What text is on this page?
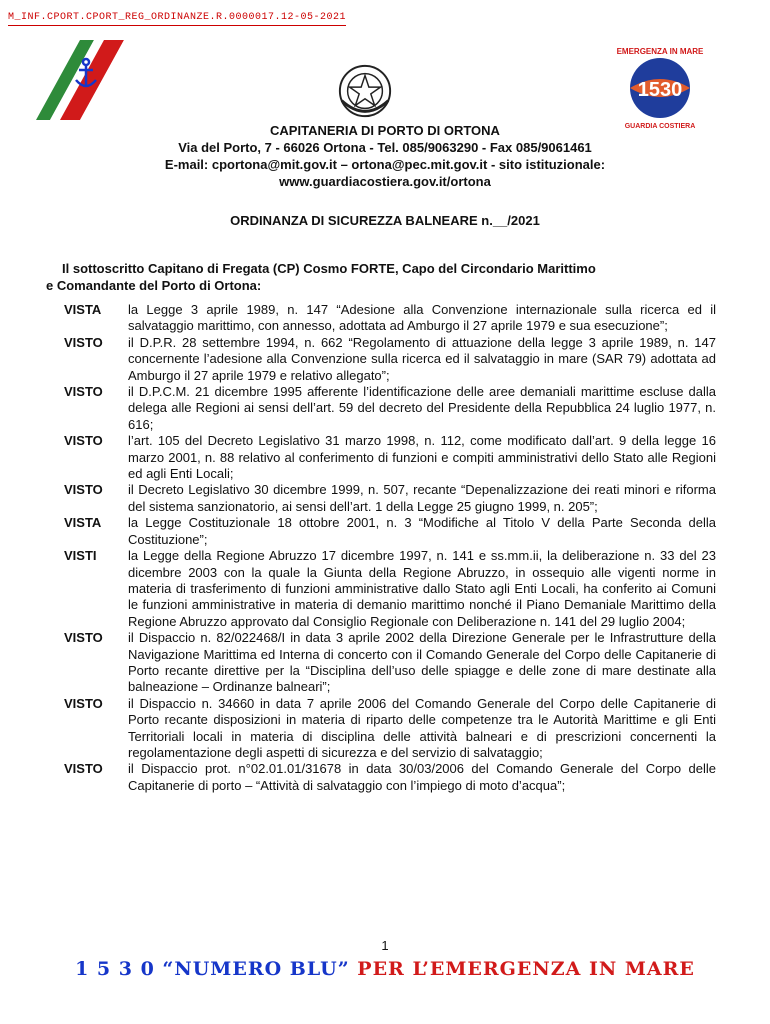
M_INF.CPORT.CPORT_REG_ORDINANZE.R.0000017.12-05-2021
EMERGENZA IN MARE
1530
GUARDIA COSTIERA
CAPITANERIA DI PORTO DI ORTONA
Via del Porto, 7 - 66026 Ortona - Tel. 085/9063290 - Fax 085/9061461
E-mail: cportona@mit.gov.it – ortona@pec.mit.gov.it - sito istituzionale:
www.guardiacostiera.gov.it/ortona
ORDINANZA DI SICUREZZA BALNEARE n.__/2021
Il sottoscritto Capitano di Fregata (CP) Cosmo FORTE, Capo del Circondario Marittimo
e Comandante del Porto di Ortona:
VISTA	la Legge 3 aprile 1989, n. 147 “Adesione alla Convenzione internazionale sulla ricerca ed il salvataggio marittimo, con annesso, adottata ad Amburgo il 27 aprile 1979 e sua esecuzione”;
VISTO	il D.P.R. 28 settembre 1994, n. 662 “Regolamento di attuazione della legge 3 aprile 1989, n. 147 concernente l’adesione alla Convenzione sulla ricerca ed il salvataggio in mare (SAR 79) adottata ad Amburgo il 27 aprile 1979 e relativo allegato”;
VISTO	il D.P.C.M. 21 dicembre 1995 afferente l’identificazione delle aree demaniali marittime escluse dalla delega alle Regioni ai sensi dell’art. 59 del decreto del Presidente della Repubblica 24 luglio 1977, n. 616;
VISTO	l’art. 105 del Decreto Legislativo 31 marzo 1998, n. 112, come modificato dall’art. 9 della legge 16 marzo 2001, n. 88 relativo al conferimento di funzioni e compiti amministrativi dello Stato alle Regioni ed agli Enti Locali;
VISTO	il Decreto Legislativo 30 dicembre 1999, n. 507, recante “Depenalizzazione dei reati minori e riforma del sistema sanzionatorio, ai sensi dell’art. 1 della Legge 25 giugno 1999, n. 205”;
VISTA	la Legge Costituzionale 18 ottobre 2001, n. 3 “Modifiche al Titolo V della Parte Seconda della Costituzione”;
VISTI	la Legge della Regione Abruzzo 17 dicembre 1997, n. 141 e ss.mm.ii, la deliberazione n. 33 del 23 dicembre 2003 con la quale la Giunta della Regione Abruzzo, in ossequio alle vigenti norme in materia di trasferimento di funzioni amministrative dallo Stato agli Enti Locali, ha conferito ai Comuni le funzioni amministrative in materia di demanio marittimo nonché il Piano Demaniale Marittimo della Regione Abruzzo approvato dal Consiglio Regionale con Deliberazione n. 141 del 29 luglio 2004;
VISTO	il Dispaccio n. 82/022468/I in data 3 aprile 2002 della Direzione Generale per le Infrastrutture della Navigazione Marittima ed Interna di concerto con il Comando Generale del Corpo delle Capitanerie di Porto recante direttive per la “Disciplina dell’uso delle spiagge e delle zone di mare destinate alla balneazione – Ordinanze balneari”;
VISTO	il Dispaccio n. 34660 in data 7 aprile 2006 del Comando Generale del Corpo delle Capitanerie di Porto recante disposizioni in materia di riparto delle competenze tra le Autorità Marittime e gli Enti Territoriali locali in materia di disciplina delle attività balneari e di prescrizioni concernenti la regolamentazione degli aspetti di sicurezza e del servizio di salvataggio;
VISTO	il Dispaccio prot. n°02.01.01/31678 in data 30/03/2006 del Comando Generale del Corpo delle Capitanerie di porto – “Attività di salvataggio con l’impiego di moto d’acqua”;
1
1 5 3 0 “NUMERO BLU” PER L’EMERGENZA IN MARE
